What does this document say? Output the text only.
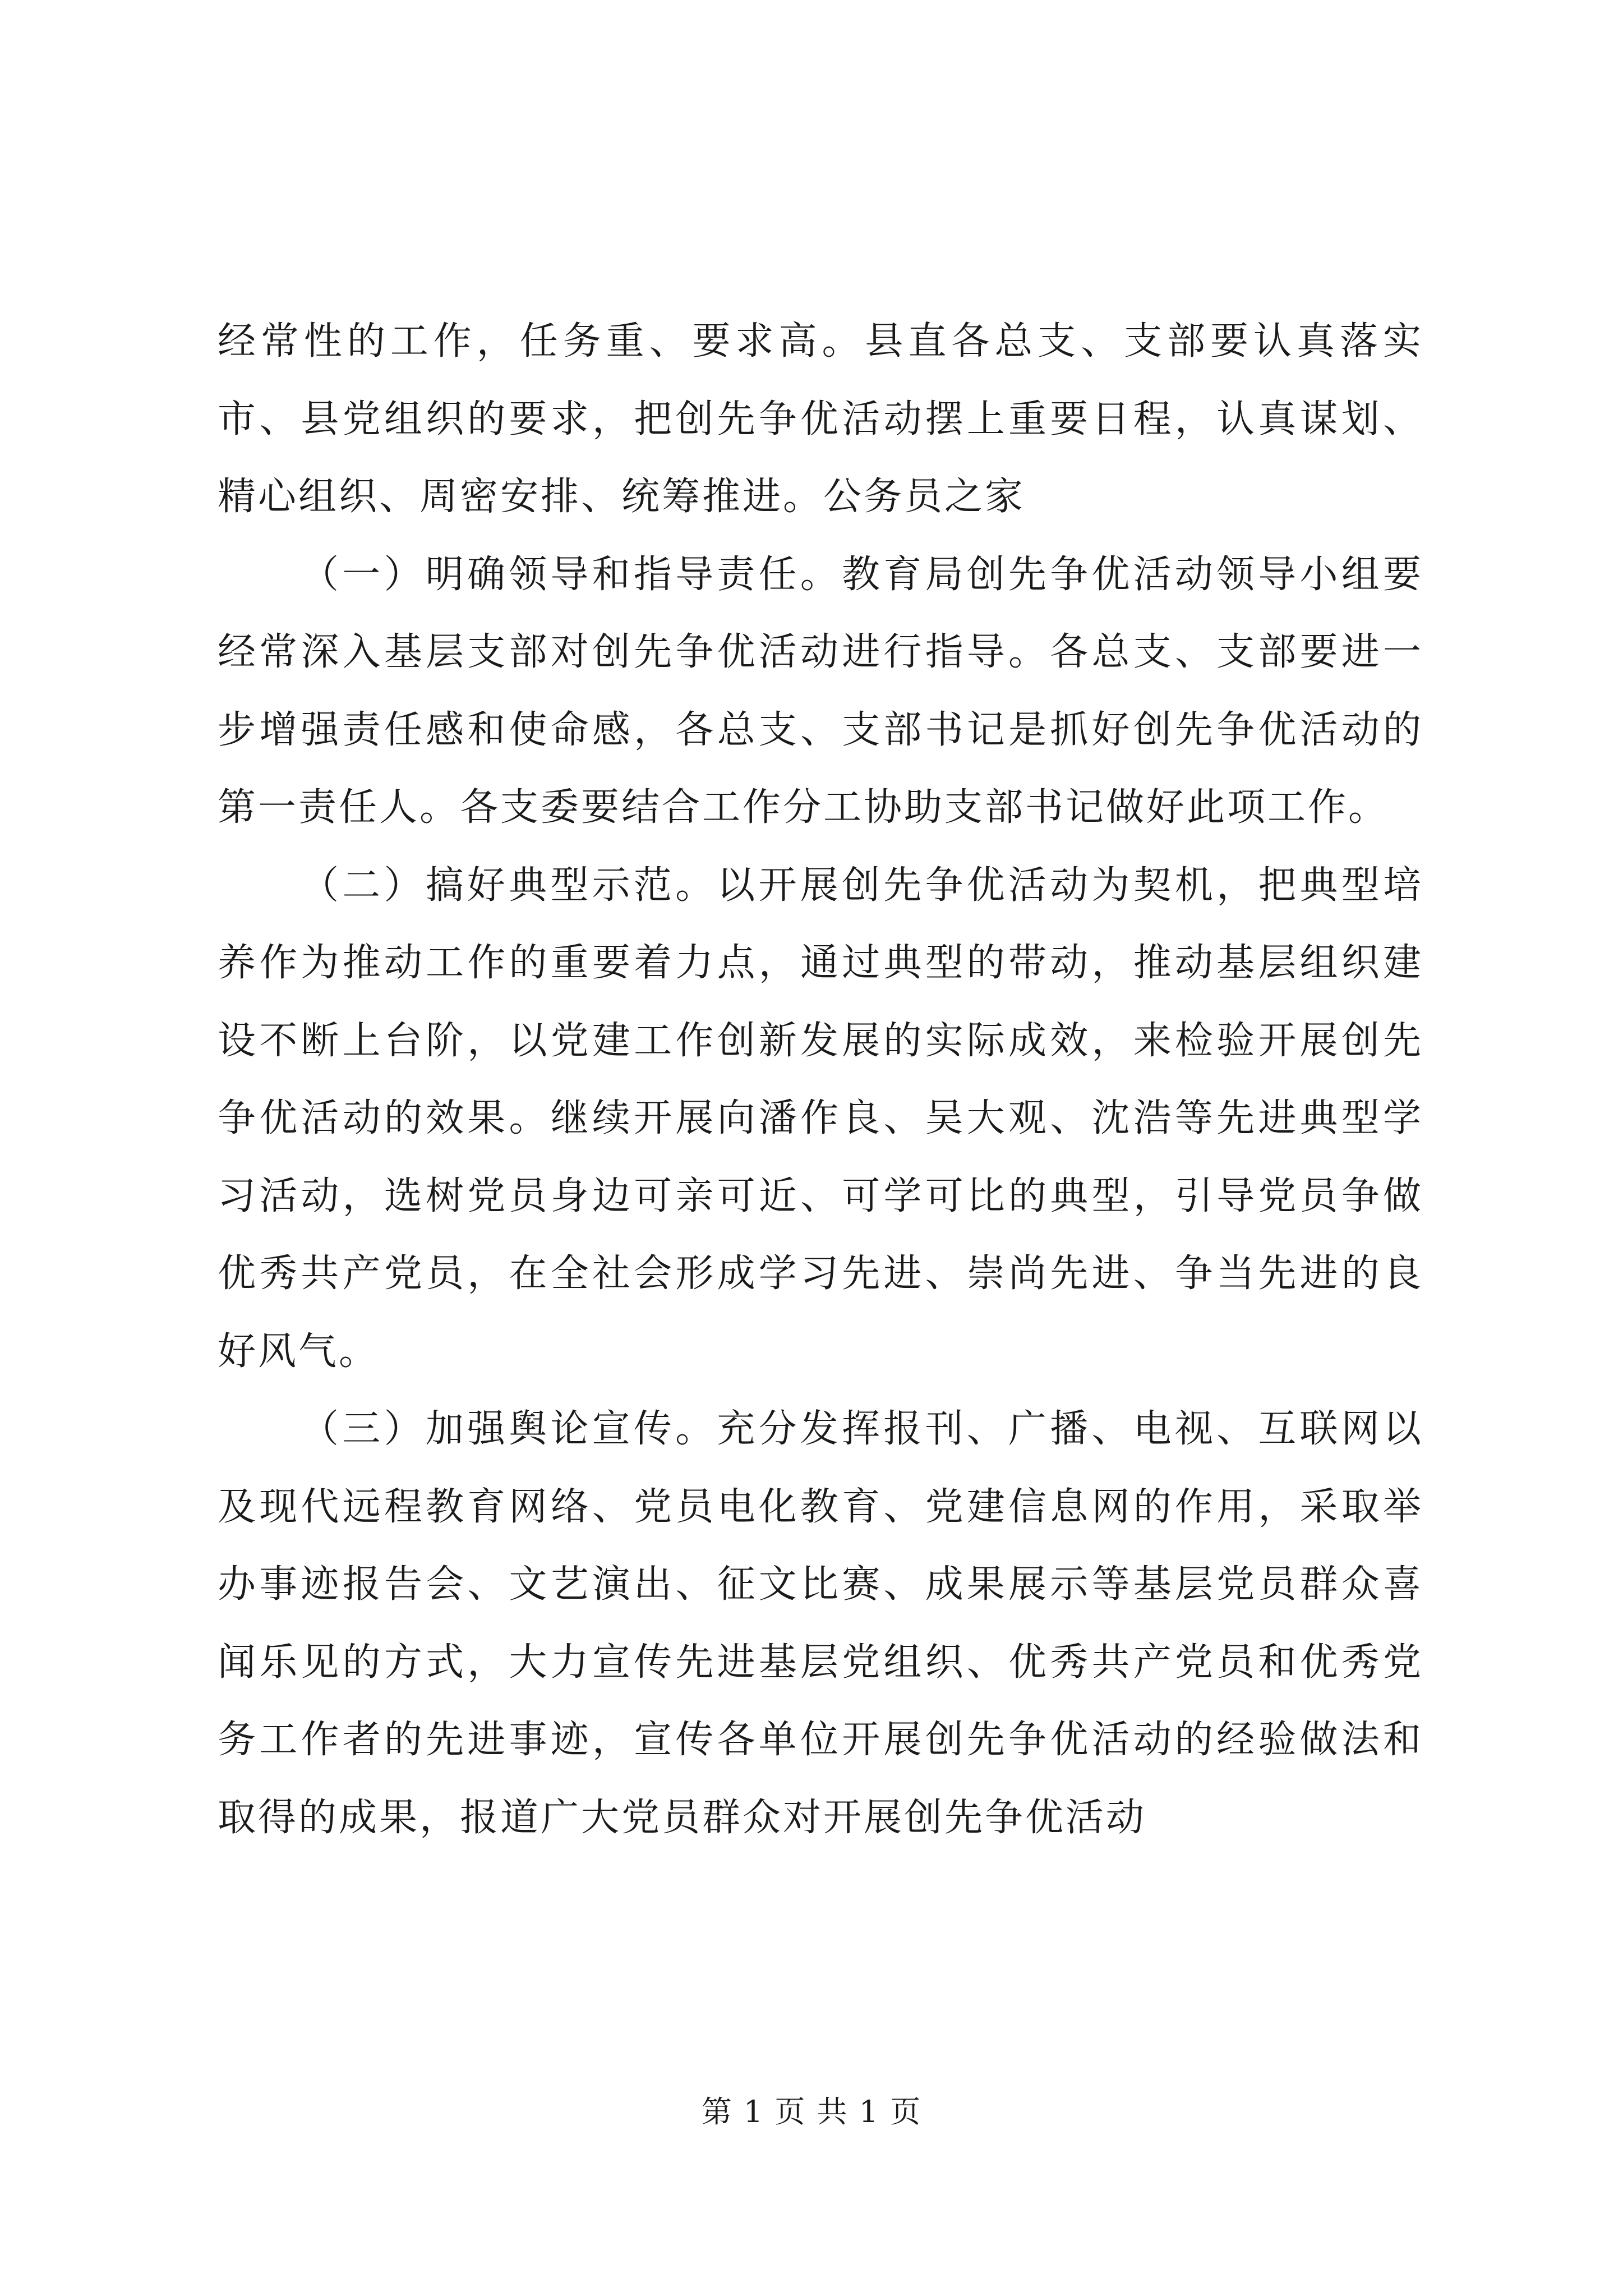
经常性的工作，任务重、要求高。县直各总支、支部要认真落实市、县党组织的要求，把创先争优活动摆上重要日程，认真谋划、精心组织、周密安排、统筹推进。公务员之家

（一）明确领导和指导责任。教育局创先争优活动领导小组要经常深入基层支部对创先争优活动进行指导。各总支、支部要进一步增强责任感和使命感，各总支、支部书记是抓好创先争优活动的第一责任人。各支委要结合工作分工协助支部书记做好此项工作。

（二）搞好典型示范。以开展创先争优活动为契机，把典型培养作为推动工作的重要着力点，通过典型的带动，推动基层组织建设不断上台阶，以党建工作创新发展的实际成效，来检验开展创先争优活动的效果。继续开展向潘作良、吴大观、沈浩等先进典型学习活动，选树党员身边可亲可近、可学可比的典型，引导党员争做优秀共产党员，在全社会形成学习先进、崇尚先进、争当先进的良好风气。

（三）加强舆论宣传。充分发挥报刊、广播、电视、互联网以及现代远程教育网络、党员电化教育、党建信息网的作用，采取举办事迹报告会、文艺演出、征文比赛、成果展示等基层党员群众喜闻乐见的方式，大力宣传先进基层党组织、优秀共产党员和优秀党务工作者的先进事迹，宣传各单位开展创先争优活动的经验做法和取得的成果，报道广大党员群众对开展创先争优活动

第 1 页 共 1 页
